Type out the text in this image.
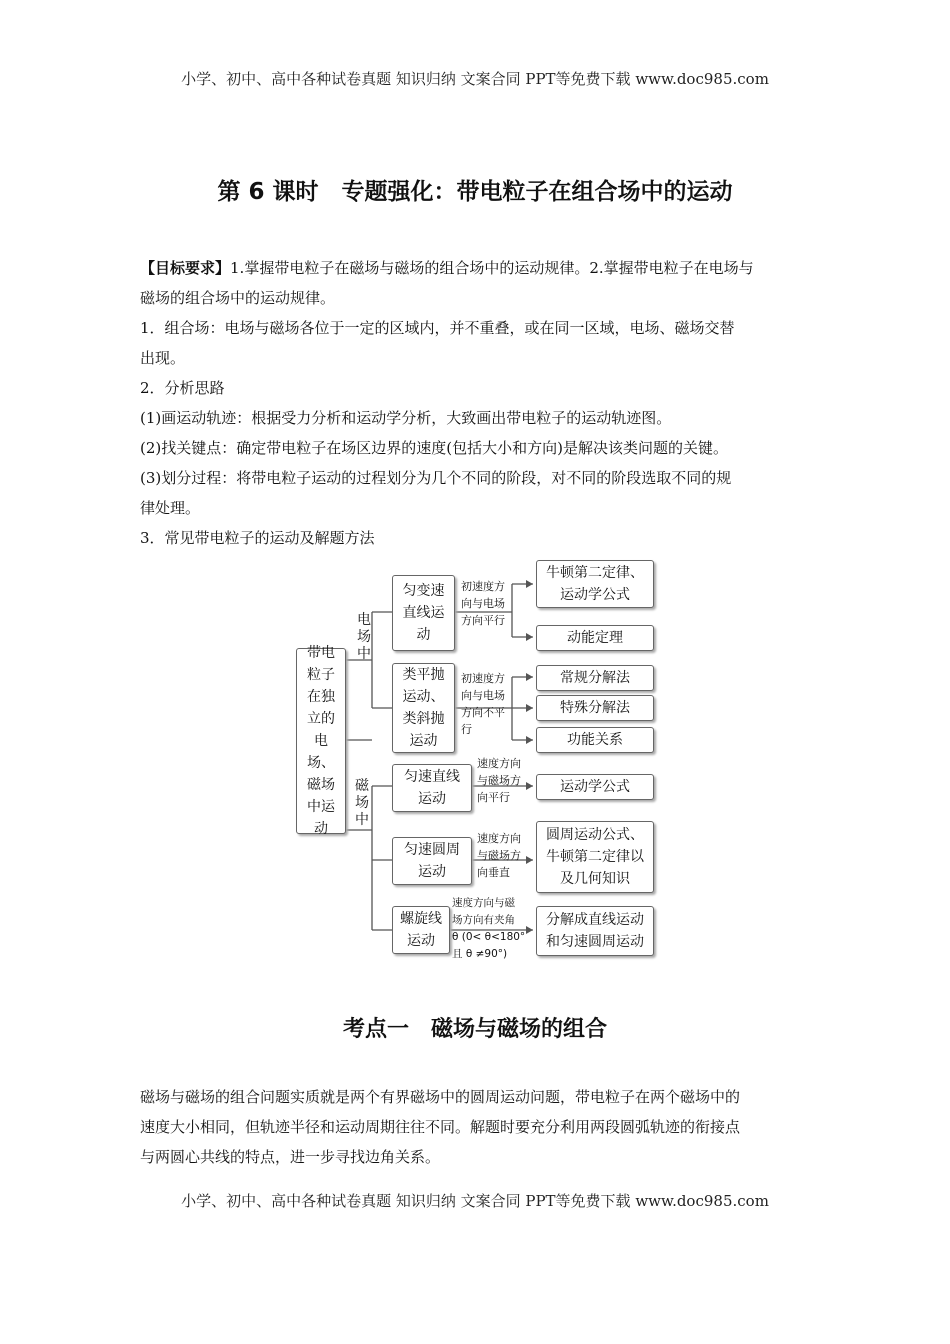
小学、初中、高中各种试卷真题 知识归纳 文案合同 PPT等免费下载 www.doc985.com
第 6 课时　专题强化：带电粒子在组合场中的运动

【目标要求】1.掌握带电粒子在磁场与磁场的组合场中的运动规律。2.掌握带电粒子在电场与

磁场的组合场中的运动规律。

1．组合场：电场与磁场各位于一定的区域内，并不重叠，或在同一区域，电场、磁场交替

出现。

2．分析思路

(1)画运动轨迹：根据受力分析和运动学分析，大致画出带电粒子的运动轨迹图。

(2)找关键点：确定带电粒子在场区边界的速度(包括大小和方向)是解决该类问题的关键。

(3)划分过程：将带电粒子运动的过程划分为几个不同的阶段，对不同的阶段选取不同的规

律处理。

3．常见带电粒子的运动及解题方法

带电粒子在独立的电场、磁场中运动
电场中
磁场中
匀变速直线运动
初速度方
向与电场
方向平行
牛顿第二定律、运动学公式
动能定理
类平抛运动、类斜抛运动
初速度方
向与电场
方向不平
行
常规分解法
特殊分解法
功能关系
匀速直线运动
速度方向
与磁场方
向平行
运动学公式
匀速圆周运动
速度方向
与磁场方
向垂直
圆周运动公式、牛顿第二定律以及几何知识
螺旋线运动
速度方向与磁
场方向有夹角
θ (0< θ<180°
且 θ ≠90°)
分解成直线运动和匀速圆周运动
考点一　磁场与磁场的组合

磁场与磁场的组合问题实质就是两个有界磁场中的圆周运动问题，带电粒子在两个磁场中的

速度大小相同，但轨迹半径和运动周期往往不同。解题时要充分利用两段圆弧轨迹的衔接点

与两圆心共线的特点，进一步寻找边角关系。

小学、初中、高中各种试卷真题 知识归纳 文案合同 PPT等免费下载 www.doc985.com
